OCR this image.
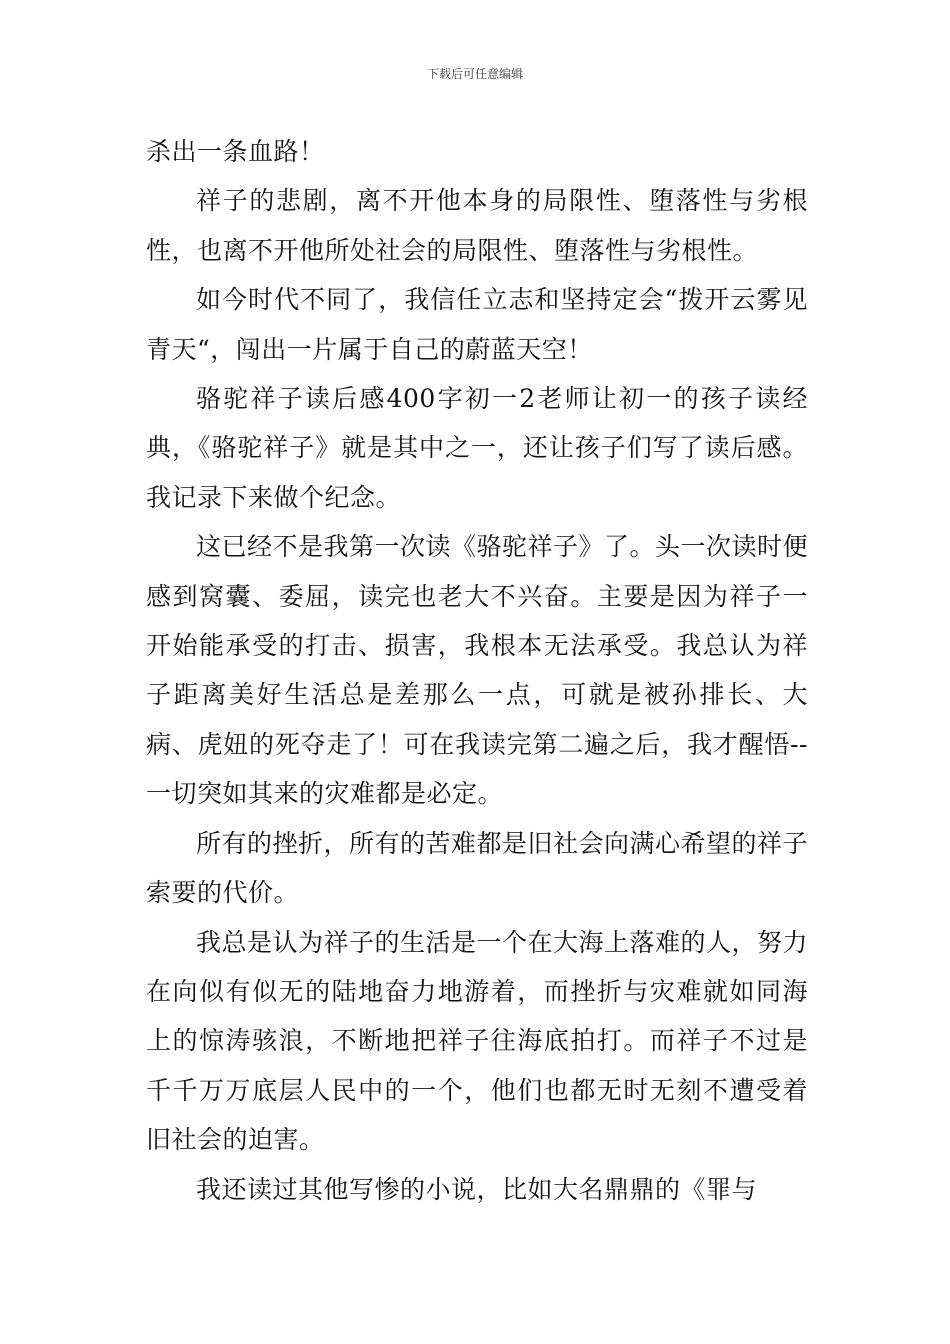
下载后可任意编辑

杀出一条血路！

祥子的悲剧，离不开他本身的局限性、堕落性与劣根性，也离不开他所处社会的局限性、堕落性与劣根性。

如今时代不同了，我信任立志和坚持定会“拨开云雾见青天“，闯出一片属于自己的蔚蓝天空！

骆驼祥子读后感400字初一2老师让初一的孩子读经典，《骆驼祥子》就是其中之一，还让孩子们写了读后感。我记录下来做个纪念。

这已经不是我第一次读《骆驼祥子》了。头一次读时便感到窝囊、委屈，读完也老大不兴奋。主要是因为祥子一开始能承受的打击、损害，我根本无法承受。我总认为祥子距离美好生活总是差那么一点，可就是被孙排长、大病、虎妞的死夺走了！可在我读完第二遍之后，我才醒悟--一切突如其来的灾难都是必定。

所有的挫折，所有的苦难都是旧社会向满心希望的祥子索要的代价。

我总是认为祥子的生活是一个在大海上落难的人，努力在向似有似无的陆地奋力地游着，而挫折与灾难就如同海上的惊涛骇浪，不断地把祥子往海底拍打。而祥子不过是千千万万底层人民中的一个，他们也都无时无刻不遭受着旧社会的迫害。

我还读过其他写惨的小说，比如大名鼎鼎的《罪与
